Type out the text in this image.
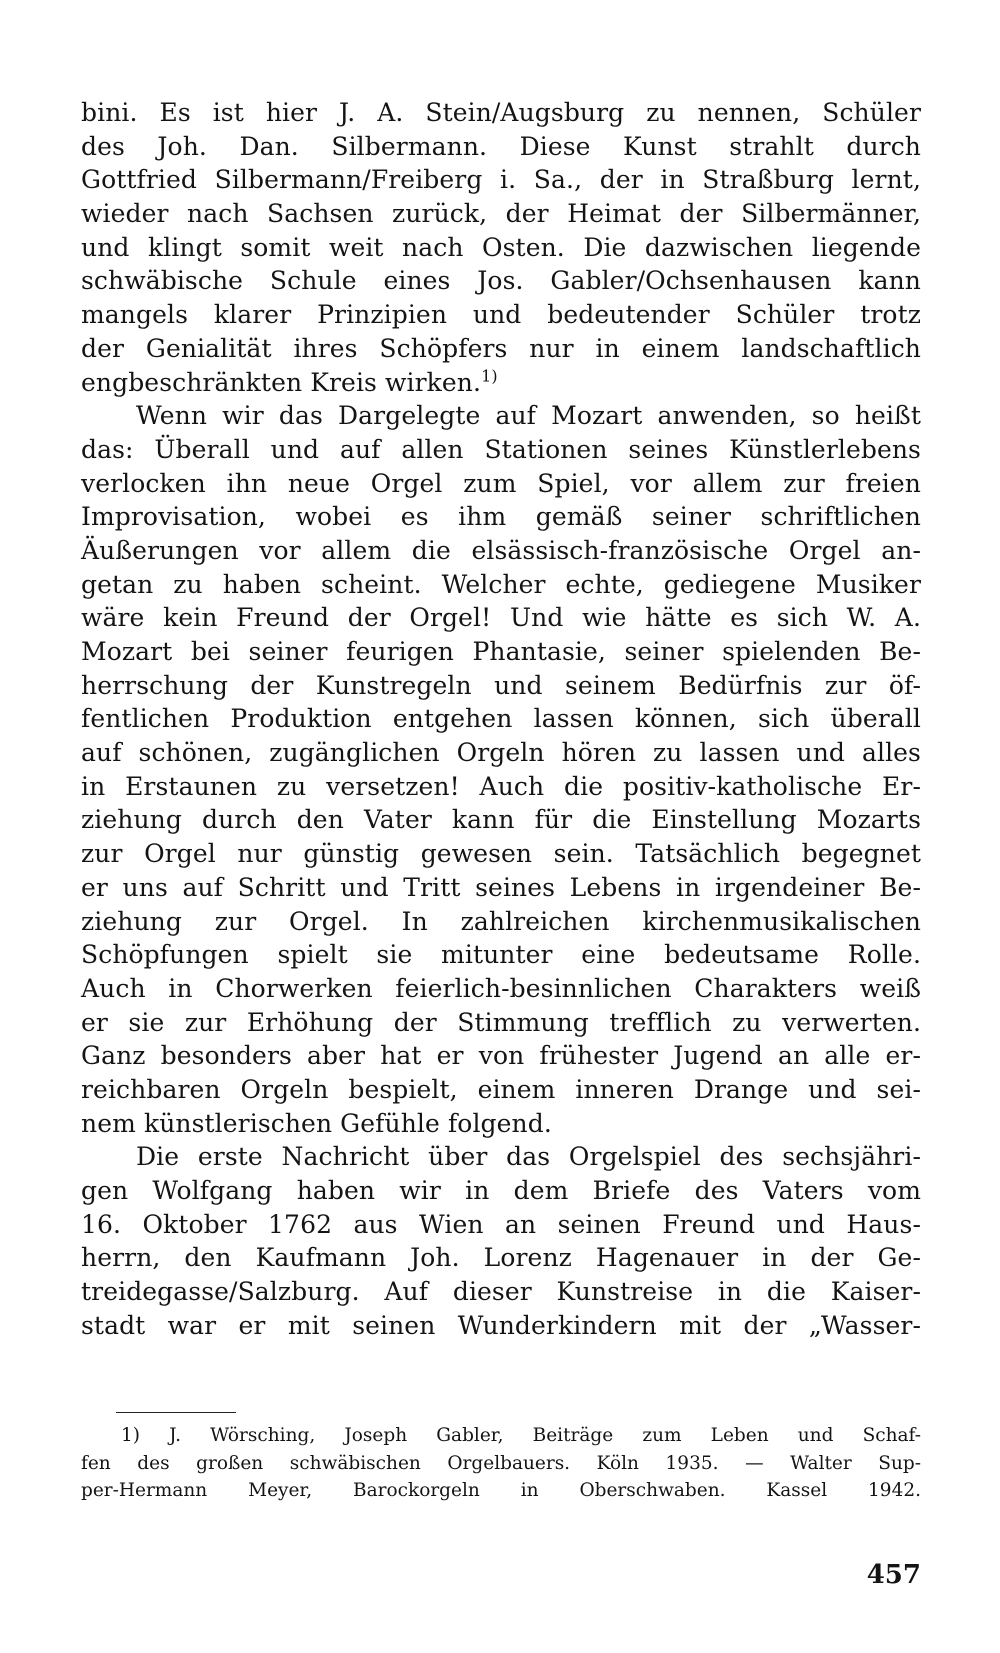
bini. Es ist hier J. A. Stein/Augsburg zu nennen, Schüler
des Joh. Dan. Silbermann. Diese Kunst strahlt durch
Gottfried Silbermann/Freiberg i. Sa., der in Straßburg lernt,
wieder nach Sachsen zurück, der Heimat der Silbermänner,
und klingt somit weit nach Osten. Die dazwischen liegende
schwäbische Schule eines Jos. Gabler/Ochsenhausen kann
mangels klarer Prinzipien und bedeutender Schüler trotz
der Genialität ihres Schöpfers nur in einem landschaftlich
engbeschränkten Kreis wirken.$^{1)}$
Wenn wir das Dargelegte auf Mozart anwenden, so heißt
das: Überall und auf allen Stationen seines Künstlerlebens
verlocken ihn neue Orgel zum Spiel, vor allem zur freien
Improvisation, wobei es ihm gemäß seiner schriftlichen
Äußerungen vor allem die elsässisch-französische Orgel an-
getan zu haben scheint. Welcher echte, gediegene Musiker
wäre kein Freund der Orgel! Und wie hätte es sich W. A.
Mozart bei seiner feurigen Phantasie, seiner spielenden Be-
herrschung der Kunstregeln und seinem Bedürfnis zur öf-
fentlichen Produktion entgehen lassen können, sich überall
auf schönen, zugänglichen Orgeln hören zu lassen und alles
in Erstaunen zu versetzen! Auch die positiv-katholische Er-
ziehung durch den Vater kann für die Einstellung Mozarts
zur Orgel nur günstig gewesen sein. Tatsächlich begegnet
er uns auf Schritt und Tritt seines Lebens in irgendeiner Be-
ziehung zur Orgel. In zahlreichen kirchenmusikalischen
Schöpfungen spielt sie mitunter eine bedeutsame Rolle.
Auch in Chorwerken feierlich-besinnlichen Charakters weiß
er sie zur Erhöhung der Stimmung trefflich zu verwerten.
Ganz besonders aber hat er von frühester Jugend an alle er-
reichbaren Orgeln bespielt, einem inneren Drange und sei-
nem künstlerischen Gefühle folgend.
Die erste Nachricht über das Orgelspiel des sechsjähri-
gen Wolfgang haben wir in dem Briefe des Vaters vom
16. Oktober 1762 aus Wien an seinen Freund und Haus-
herrn, den Kaufmann Joh. Lorenz Hagenauer in der Ge-
treidegasse/Salzburg. Auf dieser Kunstreise in die Kaiser-
stadt war er mit seinen Wunderkindern mit der „Wasser-
1) J. Wörsching, Joseph Gabler, Beiträge zum Leben und Schaf-
fen des großen schwäbischen Orgelbauers. Köln 1935. — Walter Sup-
per-Hermann Meyer, Barockorgeln in Oberschwaben. Kassel 1942.
457
